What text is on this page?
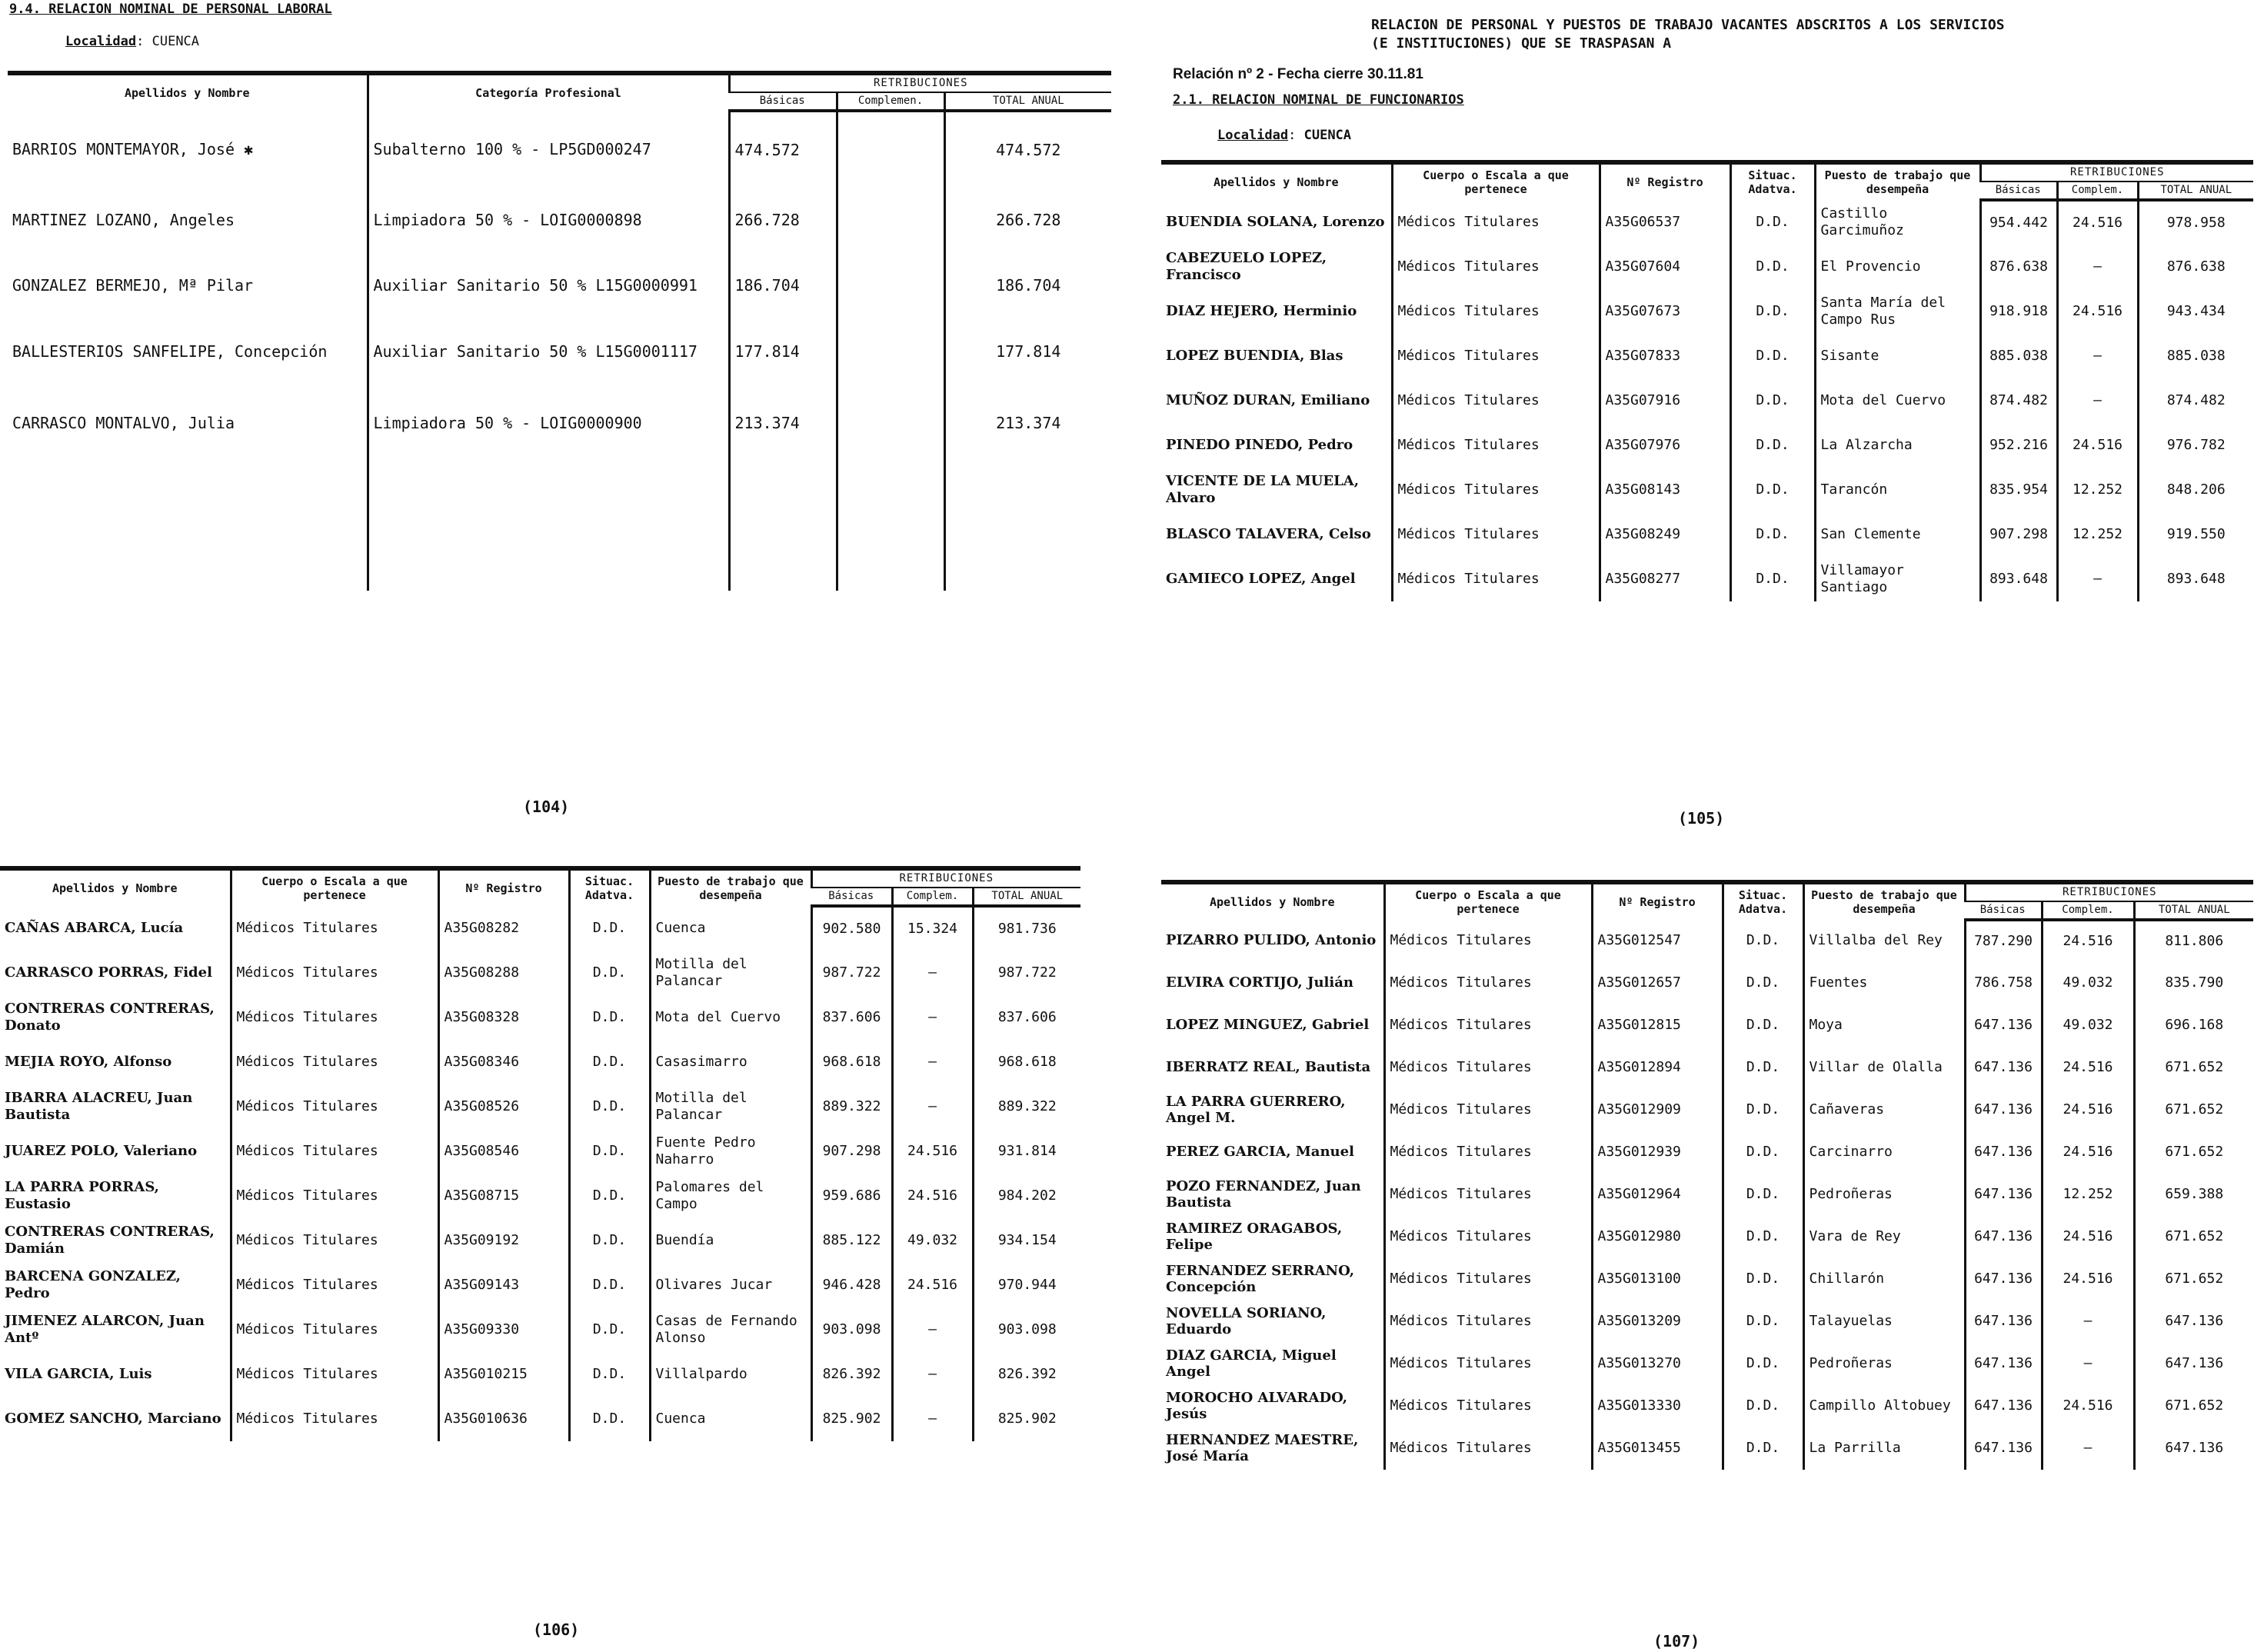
9.4. RELACION NOMINAL DE PERSONAL LABORAL
Localidad: CUENCA
Apellidos y Nombre	Categoría Profesional	RETRIBUCIONES		
		Básicas	Complemen.	TOTAL ANUAL
BARRIOS MONTEMAYOR, José ✱	Subalterno 100 % - LP5GD000247	474.572		474.572
MARTINEZ LOZANO, Angeles	Limpiadora 50 % - LOIG0000898	266.728		266.728
GONZALEZ BERMEJO, Mª Pilar	Auxiliar Sanitario 50 % L15G0000991	186.704		186.704
BALLESTERIOS SANFELIPE, Concepción	Auxiliar Sanitario 50 % L15G0001117	177.814		177.814
CARRASCO MONTALVO, Julia	Limpiadora 50 % - LOIG0000900	213.374		213.374

(104)
RELACION DE PERSONAL Y PUESTOS DE TRABAJO VACANTES ADSCRITOS A LOS SERVICIOS
(E INSTITUCIONES) QUE SE TRASPASAN A
Relación nº 2 - Fecha cierre 30.11.81
2.1. RELACION NOMINAL DE FUNCIONARIOS
Localidad: CUENCA
Apellidos y Nombre	Cuerpo o Escala a que pertenece	Nº Registro	Situac. Adatva.	Puesto de trabajo que desempeña	RETRIBUCIONES		
					Básicas	Complem.	TOTAL ANUAL
BUENDIA SOLANA, Lorenzo	Médicos Titulares	A35G06537	D.D.	Castillo Garcimuñoz	954.442	24.516	978.958
CABEZUELO LOPEZ, Francisco	Médicos Titulares	A35G07604	D.D.	El Provencio	876.638	—	876.638
DIAZ HEJERO, Herminio	Médicos Titulares	A35G07673	D.D.	Santa María del Campo Rus	918.918	24.516	943.434
LOPEZ BUENDIA, Blas	Médicos Titulares	A35G07833	D.D.	Sisante	885.038	—	885.038
MUÑOZ DURAN, Emiliano	Médicos Titulares	A35G07916	D.D.	Mota del Cuervo	874.482	—	874.482
PINEDO PINEDO, Pedro	Médicos Titulares	A35G07976	D.D.	La Alzarcha	952.216	24.516	976.782
VICENTE DE LA MUELA, Alvaro	Médicos Titulares	A35G08143	D.D.	Tarancón	835.954	12.252	848.206
BLASCO TALAVERA, Celso	Médicos Titulares	A35G08249	D.D.	San Clemente	907.298	12.252	919.550
GAMIECO LOPEZ, Angel	Médicos Titulares	A35G08277	D.D.	Villamayor Santiago	893.648	—	893.648
(105)
Apellidos y Nombre	Cuerpo o Escala a que pertenece	Nº Registro	Situac. Adatva.	Puesto de trabajo que desempeña	RETRIBUCIONES		
					Básicas	Complem.	TOTAL ANUAL
CAÑAS ABARCA, Lucía	Médicos Titulares	A35G08282	D.D.	Cuenca	902.580	15.324	981.736
CARRASCO PORRAS, Fidel	Médicos Titulares	A35G08288	D.D.	Motilla del Palancar	987.722	—	987.722
CONTRERAS CONTRERAS, Donato	Médicos Titulares	A35G08328	D.D.	Mota del Cuervo	837.606	—	837.606
MEJIA ROYO, Alfonso	Médicos Titulares	A35G08346	D.D.	Casasimarro	968.618	—	968.618
IBARRA ALACREU, Juan Bautista	Médicos Titulares	A35G08526	D.D.	Motilla del Palancar	889.322	—	889.322
JUAREZ POLO, Valeriano	Médicos Titulares	A35G08546	D.D.	Fuente Pedro Naharro	907.298	24.516	931.814
LA PARRA PORRAS, Eustasio	Médicos Titulares	A35G08715	D.D.	Palomares del Campo	959.686	24.516	984.202
CONTRERAS CONTRERAS, Damián	Médicos Titulares	A35G09192	D.D.	Buendía	885.122	49.032	934.154
BARCENA GONZALEZ, Pedro	Médicos Titulares	A35G09143	D.D.	Olivares Jucar	946.428	24.516	970.944
JIMENEZ ALARCON, Juan Antº	Médicos Titulares	A35G09330	D.D.	Casas de Fernando Alonso	903.098	—	903.098
VILA GARCIA, Luis	Médicos Titulares	A35G010215	D.D.	Villalpardo	826.392	—	826.392
GOMEZ SANCHO, Marciano	Médicos Titulares	A35G010636	D.D.	Cuenca	825.902	—	825.902
(106)
Apellidos y Nombre	Cuerpo o Escala a que pertenece	Nº Registro	Situac. Adatva.	Puesto de trabajo que desempeña	RETRIBUCIONES		
					Básicas	Complem.	TOTAL ANUAL
PIZARRO PULIDO, Antonio	Médicos Titulares	A35G012547	D.D.	Villalba del Rey	787.290	24.516	811.806
ELVIRA CORTIJO, Julián	Médicos Titulares	A35G012657	D.D.	Fuentes	786.758	49.032	835.790
LOPEZ MINGUEZ, Gabriel	Médicos Titulares	A35G012815	D.D.	Moya	647.136	49.032	696.168
IBERRATZ REAL, Bautista	Médicos Titulares	A35G012894	D.D.	Villar de Olalla	647.136	24.516	671.652
LA PARRA GUERRERO, Angel M.	Médicos Titulares	A35G012909	D.D.	Cañaveras	647.136	24.516	671.652
PEREZ GARCIA, Manuel	Médicos Titulares	A35G012939	D.D.	Carcinarro	647.136	24.516	671.652
POZO FERNANDEZ, Juan Bautista	Médicos Titulares	A35G012964	D.D.	Pedroñeras	647.136	12.252	659.388
RAMIREZ ORAGABOS, Felipe	Médicos Titulares	A35G012980	D.D.	Vara de Rey	647.136	24.516	671.652
FERNANDEZ SERRANO, Concepción	Médicos Titulares	A35G013100	D.D.	Chillarón	647.136	24.516	671.652
NOVELLA SORIANO, Eduardo	Médicos Titulares	A35G013209	D.D.	Talayuelas	647.136	—	647.136
DIAZ GARCIA, Miguel Angel	Médicos Titulares	A35G013270	D.D.	Pedroñeras	647.136	—	647.136
MOROCHO ALVARADO, Jesús	Médicos Titulares	A35G013330	D.D.	Campillo Altobuey	647.136	24.516	671.652
HERNANDEZ MAESTRE, José María	Médicos Titulares	A35G013455	D.D.	La Parrilla	647.136	—	647.136
(107)
